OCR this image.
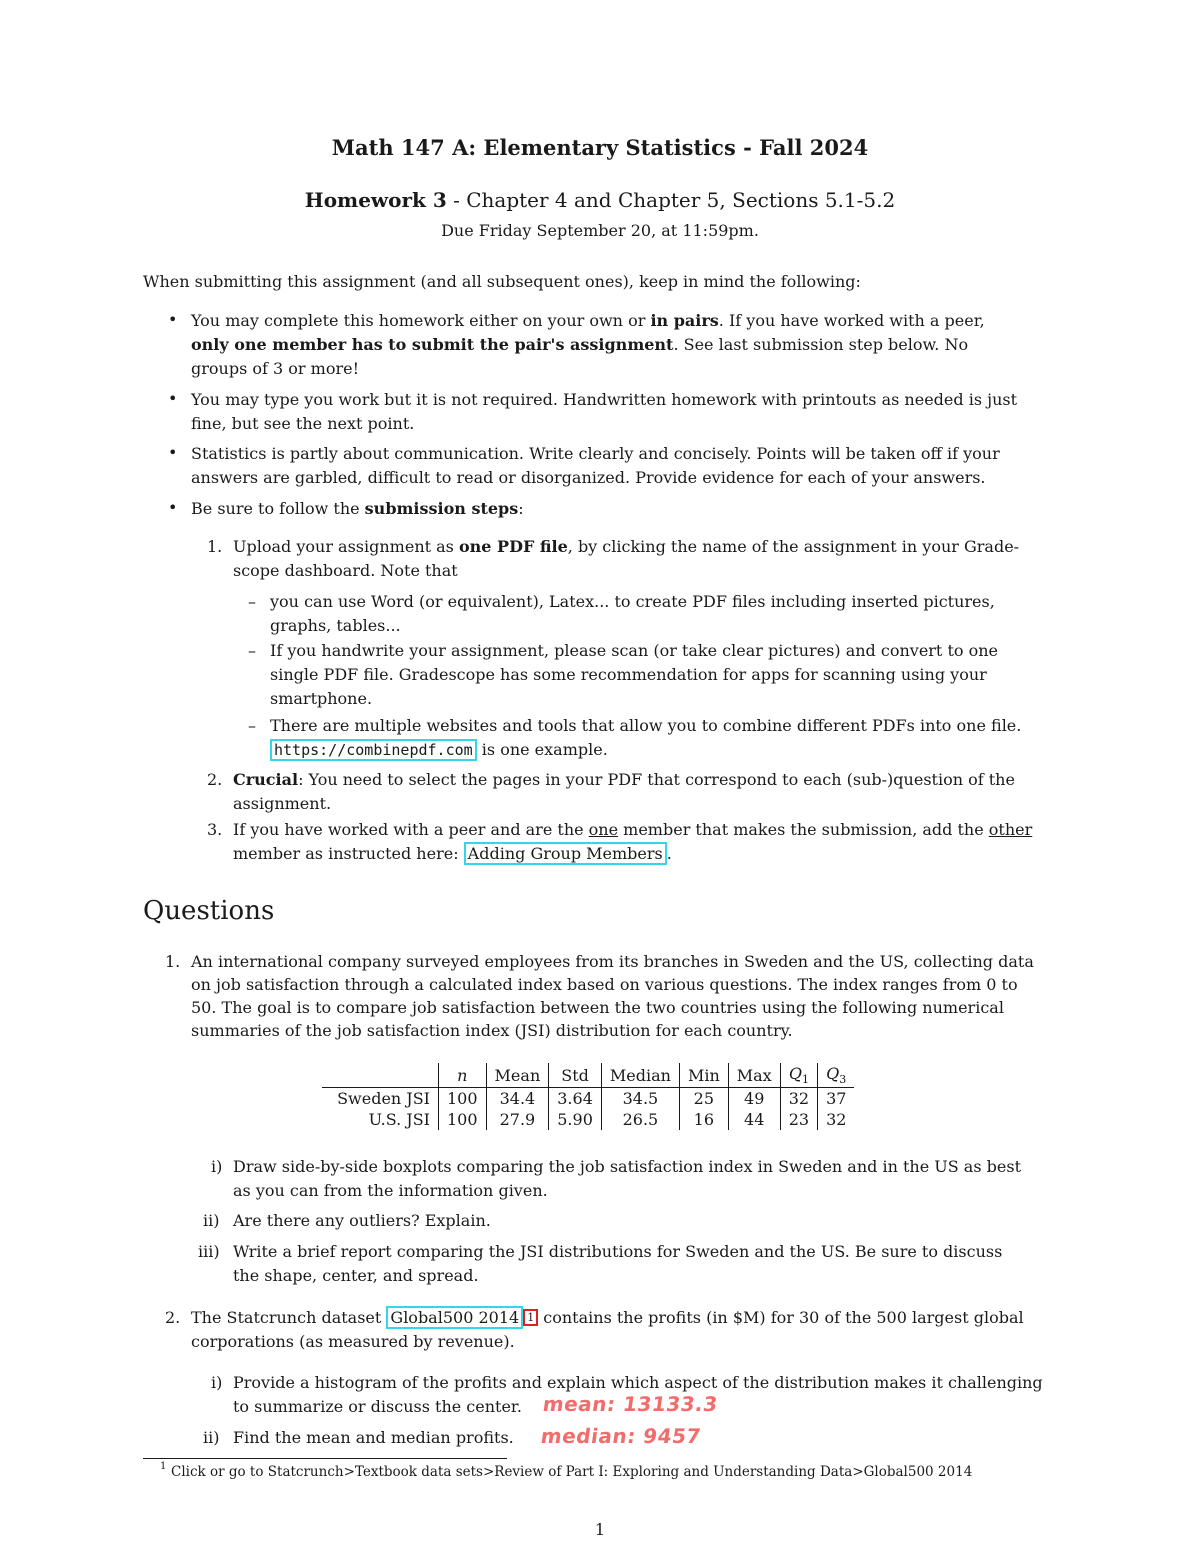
Math 147 A: Elementary Statistics - Fall 2024
Homework 3 - Chapter 4 and Chapter 5, Sections 5.1-5.2
Due Friday September 20, at 11:59pm.
When submitting this assignment (and all subsequent ones), keep in mind the following:
• You may complete this homework either on your own or in pairs. If you have worked with a peer,
only one member has to submit the pair's assignment. See last submission step below. No
groups of 3 or more!
• You may type you work but it is not required. Handwritten homework with printouts as needed is just
fine, but see the next point.
• Statistics is partly about communication. Write clearly and concisely. Points will be taken off if your
answers are garbled, difficult to read or disorganized. Provide evidence for each of your answers.
• Be sure to follow the submission steps:
1. Upload your assignment as one PDF file, by clicking the name of the assignment in your Grade-
scope dashboard. Note that
– you can use Word (or equivalent), Latex... to create PDF files including inserted pictures,
graphs, tables...
– If you handwrite your assignment, please scan (or take clear pictures) and convert to one
single PDF file. Gradescope has some recommendation for apps for scanning using your
smartphone.
– There are multiple websites and tools that allow you to combine different PDFs into one file.
https://combinepdf.com is one example.
2. Crucial: You need to select the pages in your PDF that correspond to each (sub-)question of the
assignment.
3. If you have worked with a peer and are the one member that makes the submission, add the other
member as instructed here: Adding Group Members .
Questions
1. An international company surveyed employees from its branches in Sweden and the US, collecting data
on job satisfaction through a calculated index based on various questions. The index ranges from 0 to
50. The goal is to compare job satisfaction between the two countries using the following numerical
summaries of the job satisfaction index (JSI) distribution for each country.
	n	Mean	Std	Median	Min	Max	$Q_1$	$Q_3$
Sweden JSI	100	34.4	3.64	34.5	25	49	32	37
U.S. JSI	100	27.9	5.90	26.5	16	44	23	32
i) Draw side-by-side boxplots comparing the job satisfaction index in Sweden and in the US as best
as you can from the information given.
ii) Are there any outliers? Explain.
iii) Write a brief report comparing the JSI distributions for Sweden and the US. Be sure to discuss
the shape, center, and spread.
2. The Statcrunch dataset Global500 2014 $^1$ contains the profits (in $M) for 30 of the 500 largest global
corporations (as measured by revenue).
i) Provide a histogram of the profits and explain which aspect of the distribution makes it challenging
to summarize or discuss the center.
ii) Find the mean and median profits.
mean: 13133.3
median: 9457
1 Click or go to Statcrunch>Textbook data sets>Review of Part I: Exploring and Understanding Data>Global500 2014
1
